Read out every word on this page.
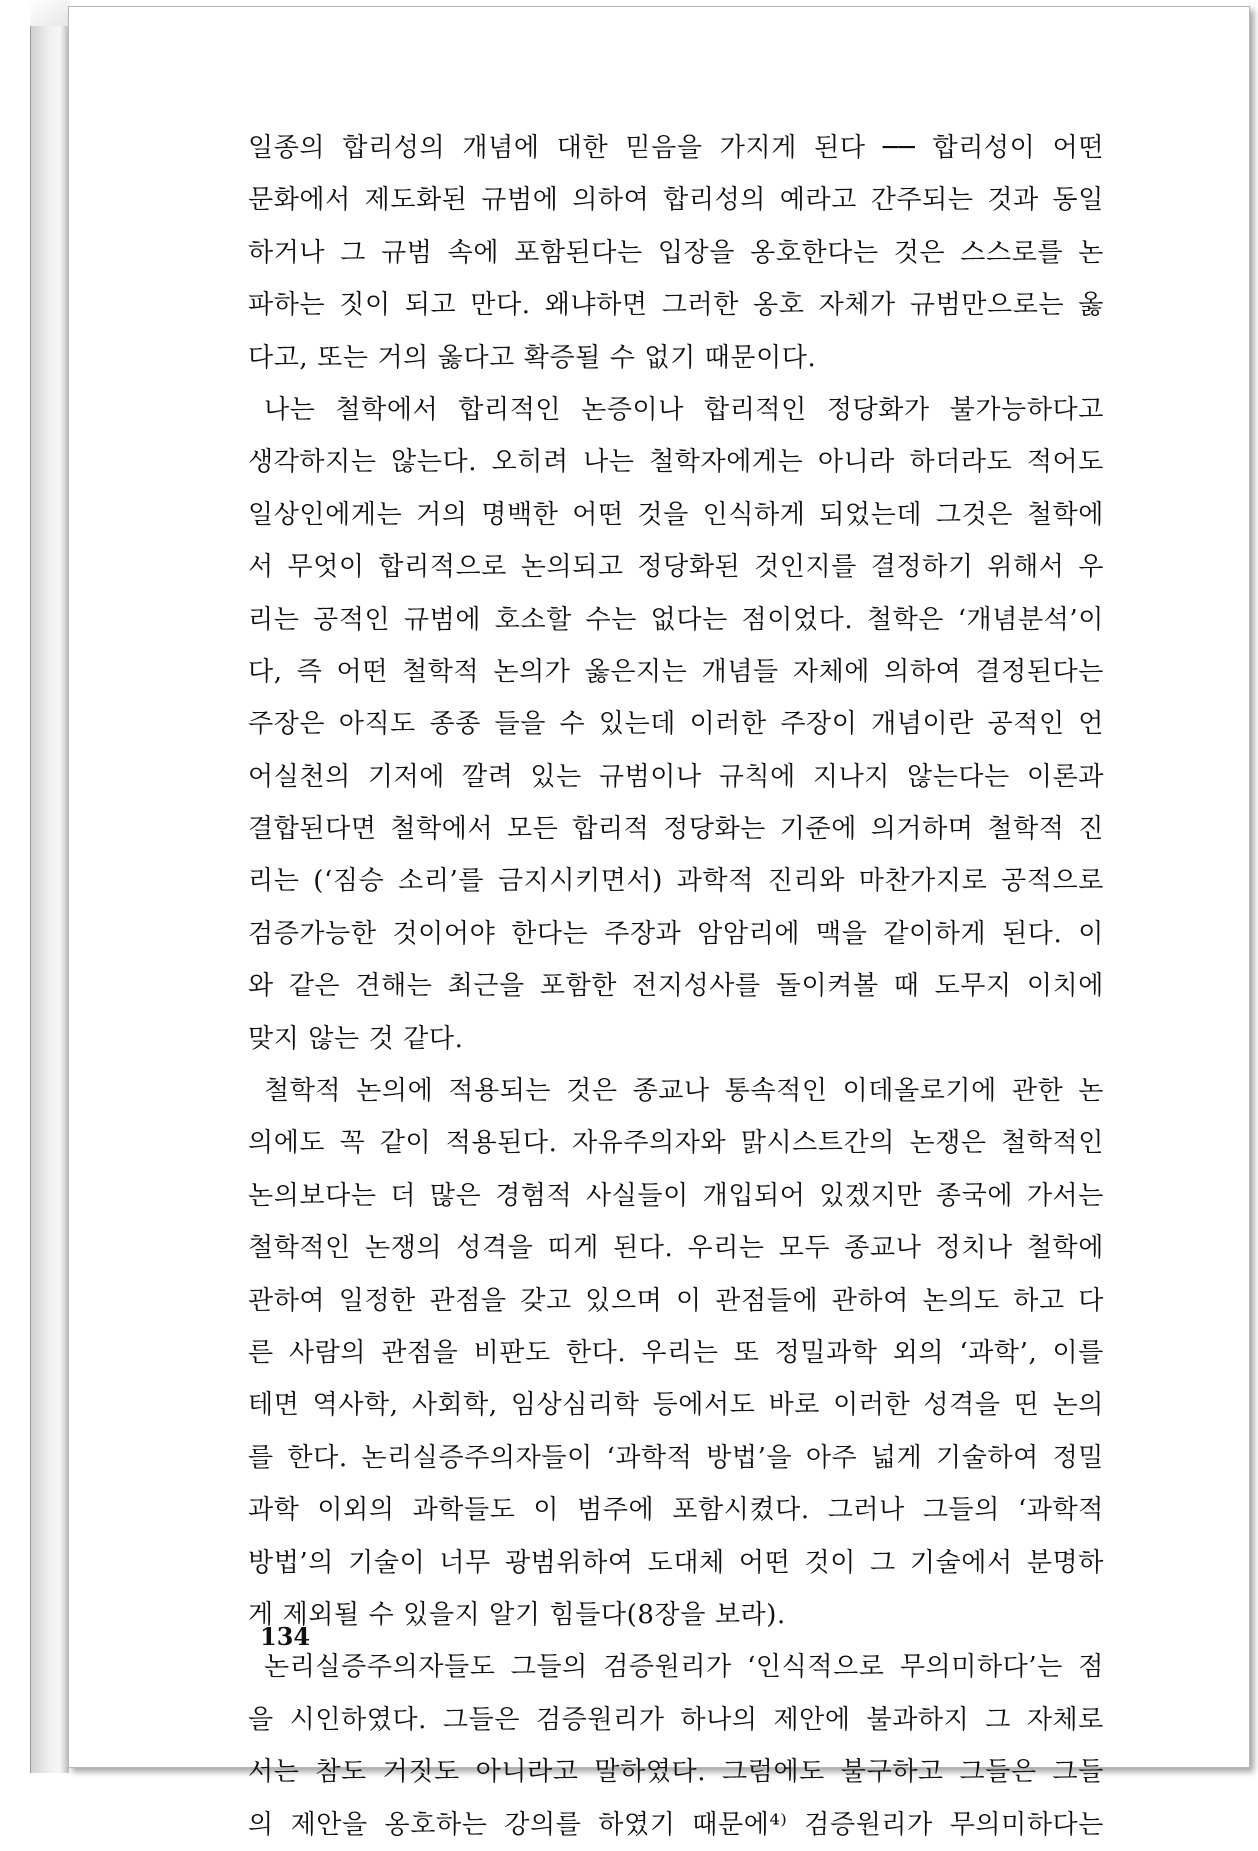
일종의 합리성의 개념에 대한 믿음을 가지게 된다 ── 합리성이 어떤
문화에서 제도화된 규범에 의하여 합리성의 예라고 간주되는 것과 동일
하거나 그 규범 속에 포함된다는 입장을 옹호한다는 것은 스스로를 논
파하는 짓이 되고 만다. 왜냐하면 그러한 옹호 자체가 규범만으로는 옳
다고, 또는 거의 옳다고 확증될 수 없기 때문이다.
나는 철학에서 합리적인 논증이나 합리적인 정당화가 불가능하다고
생각하지는 않는다. 오히려 나는 철학자에게는 아니라 하더라도 적어도
일상인에게는 거의 명백한 어떤 것을 인식하게 되었는데 그것은 철학에
서 무엇이 합리적으로 논의되고 정당화된 것인지를 결정하기 위해서 우
리는 공적인 규범에 호소할 수는 없다는 점이었다. 철학은 ‘개념분석’이
다, 즉 어떤 철학적 논의가 옳은지는 개념들 자체에 의하여 결정된다는
주장은 아직도 종종 들을 수 있는데 이러한 주장이 개념이란 공적인 언
어실천의 기저에 깔려 있는 규범이나 규칙에 지나지 않는다는 이론과
결합된다면 철학에서 모든 합리적 정당화는 기준에 의거하며 철학적 진
리는 (‘짐승 소리’를 금지시키면서) 과학적 진리와 마찬가지로 공적으로
검증가능한 것이어야 한다는 주장과 암암리에 맥을 같이하게 된다. 이
와 같은 견해는 최근을 포함한 전지성사를 돌이켜볼 때 도무지 이치에
맞지 않는 것 같다.
철학적 논의에 적용되는 것은 종교나 통속적인 이데올로기에 관한 논
의에도 꼭 같이 적용된다. 자유주의자와 맑시스트간의 논쟁은 철학적인
논의보다는 더 많은 경험적 사실들이 개입되어 있겠지만 종국에 가서는
철학적인 논쟁의 성격을 띠게 된다. 우리는 모두 종교나 정치나 철학에
관하여 일정한 관점을 갖고 있으며 이 관점들에 관하여 논의도 하고 다
른 사람의 관점을 비판도 한다. 우리는 또 정밀과학 외의 ‘과학’, 이를
테면 역사학, 사회학, 임상심리학 등에서도 바로 이러한 성격을 띤 논의
를 한다. 논리실증주의자들이 ‘과학적 방법’을 아주 넓게 기술하여 정밀
과학 이외의 과학들도 이 범주에 포함시켰다. 그러나 그들의 ‘과학적
방법’의 기술이 너무 광범위하여 도대체 어떤 것이 그 기술에서 분명하
게 제외될 수 있을지 알기 힘들다(8장을 보라).
논리실증주의자들도 그들의 검증원리가 ‘인식적으로 무의미하다’는 점
을 시인하였다. 그들은 검증원리가 하나의 제안에 불과하지 그 자체로
서는 참도 거짓도 아니라고 말하였다. 그럼에도 불구하고 그들은 그들
의 제안을 옹호하는 강의를 하였기 때문에⁴⁾ 검증원리가 무의미하다는
134
